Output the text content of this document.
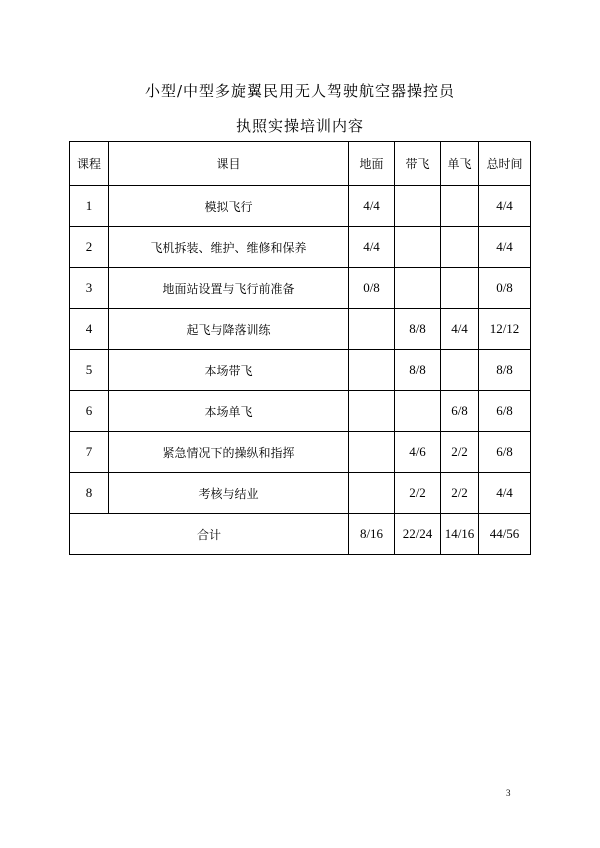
小型/中型多旋翼民用无人驾驶航空器操控员
执照实操培训内容
课程	课目	地面	带飞	单飞	总时间
1	模拟飞行	4/4			4/4
2	飞机拆装、维护、维修和保养	4/4			4/4
3	地面站设置与飞行前准备	0/8			0/8
4	起飞与降落训练		8/8	4/4	12/12
5	本场带飞		8/8		8/8
6	本场单飞			6/8	6/8
7	紧急情况下的操纵和指挥		4/6	2/2	6/8
8	考核与结业		2/2	2/2	4/4
合计		8/16	22/24	14/16	44/56
3
